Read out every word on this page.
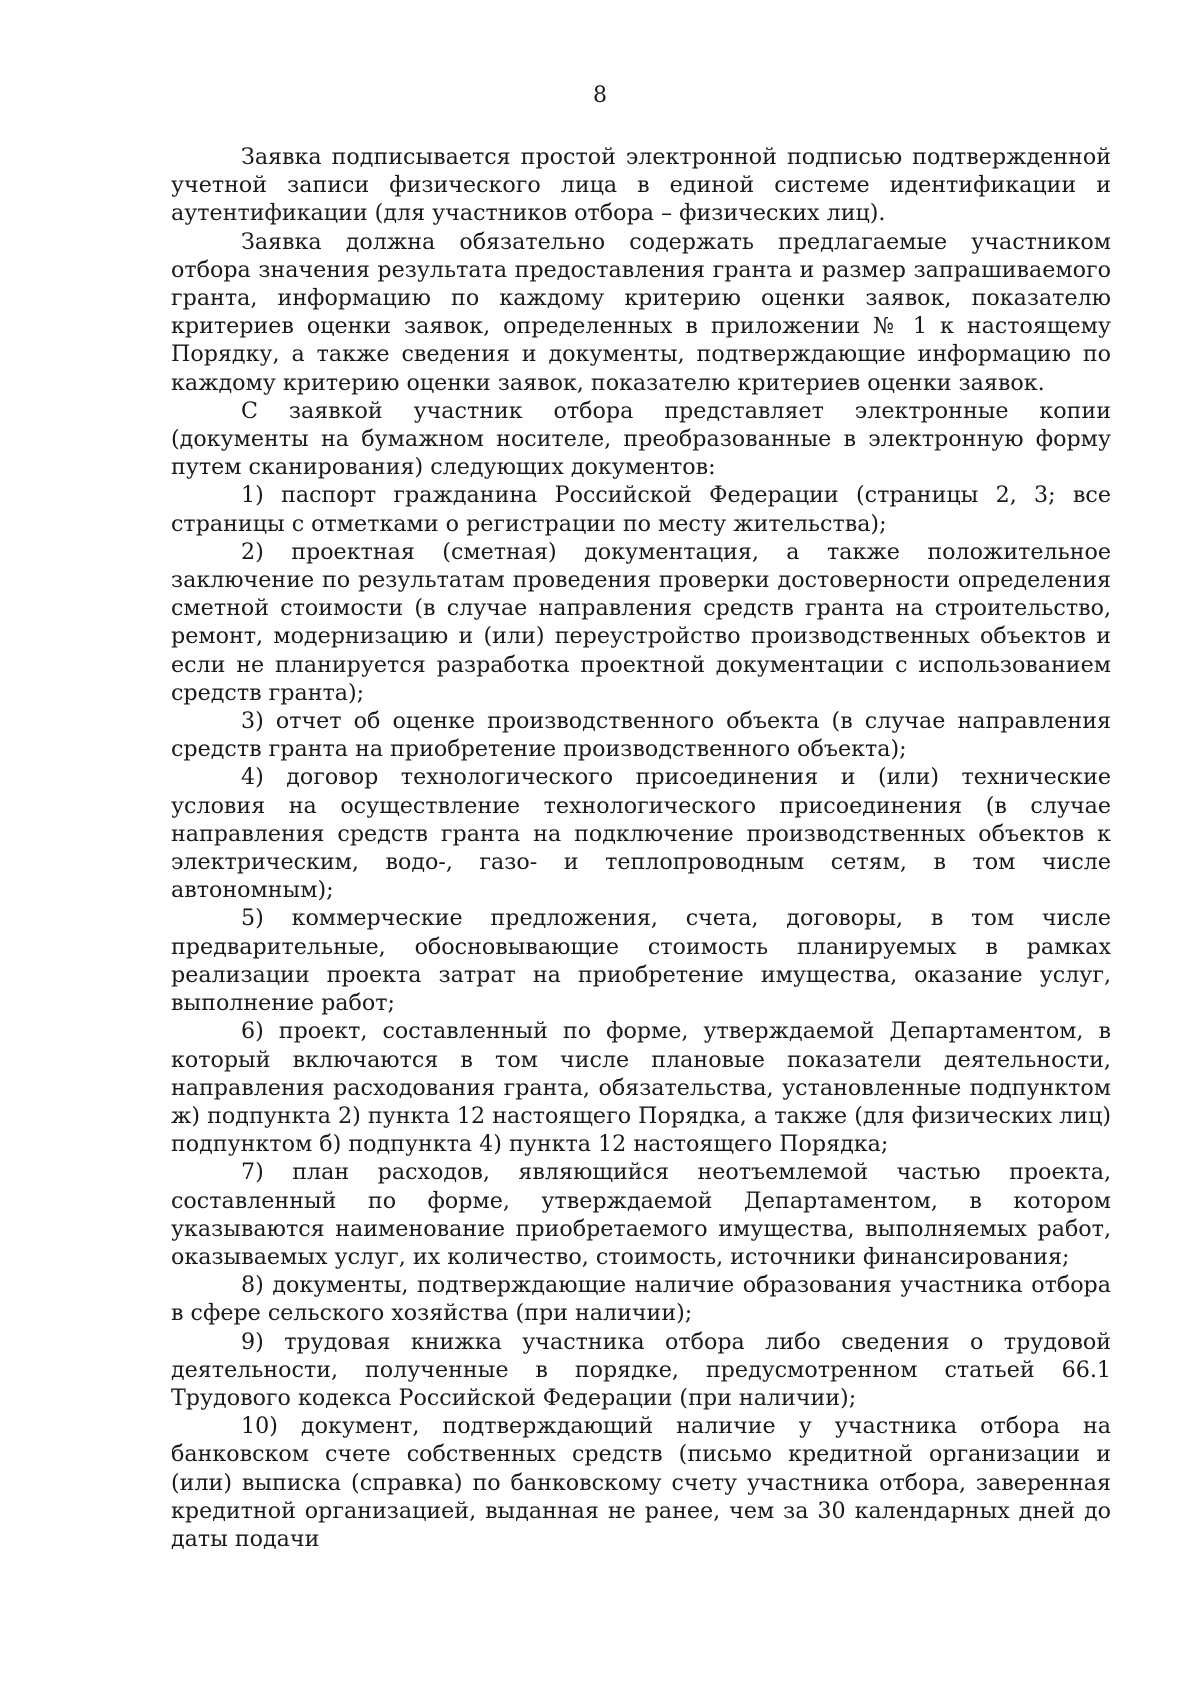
8

Заявка подписывается простой электронной подписью подтвержденной учетной записи физического лица в единой системе идентификации и аутентификации (для участников отбора – физических лиц).

Заявка должна обязательно содержать предлагаемые участником отбора значения результата предоставления гранта и размер запрашиваемого гранта, информацию по каждому критерию оценки заявок, показателю критериев оценки заявок, определенных в приложении № 1 к настоящему Порядку, а также сведения и документы, подтверждающие информацию по каждому критерию оценки заявок, показателю критериев оценки заявок.

С заявкой участник отбора представляет электронные копии (документы на бумажном носителе, преобразованные в электронную форму путем сканирования) следующих документов:

1) паспорт гражданина Российской Федерации (страницы 2, 3; все страницы с отметками о регистрации по месту жительства);

2) проектная (сметная) документация, а также положительное заключение по результатам проведения проверки достоверности определения сметной стоимости (в случае направления средств гранта на строительство, ремонт, модернизацию и (или) переустройство производственных объектов и если не планируется разработка проектной документации с использованием средств гранта);

3) отчет об оценке производственного объекта (в случае направления средств гранта на приобретение производственного объекта);

4) договор технологического присоединения и (или) технические условия на осуществление технологического присоединения (в случае направления средств гранта на подключение производственных объектов к электрическим, водо-, газо- и теплопроводным сетям, в том числе автономным);

5) коммерческие предложения, счета, договоры, в том числе предварительные, обосновывающие стоимость планируемых в рамках реализации проекта затрат на приобретение имущества, оказание услуг, выполнение работ;

6) проект, составленный по форме, утверждаемой Департаментом, в который включаются в том числе плановые показатели деятельности, направления расходования гранта, обязательства, установленные подпунктом ж) подпункта 2) пункта 12 настоящего Порядка, а также (для физических лиц) подпунктом б) подпункта 4) пункта 12 настоящего Порядка;

7) план расходов, являющийся неотъемлемой частью проекта, составленный по форме, утверждаемой Департаментом, в котором указываются наименование приобретаемого имущества, выполняемых работ, оказываемых услуг, их количество, стоимость, источники финансирования;

8) документы, подтверждающие наличие образования участника отбора в сфере сельского хозяйства (при наличии);

9) трудовая книжка участника отбора либо сведения о трудовой деятельности, полученные в порядке, предусмотренном статьей 66.1 Трудового кодекса Российской Федерации (при наличии);

10) документ, подтверждающий наличие у участника отбора на банковском счете собственных средств (письмо кредитной организации и (или) выписка (справка) по банковскому счету участника отбора, заверенная кредитной организацией, выданная не ранее, чем за 30 календарных дней до даты подачи
